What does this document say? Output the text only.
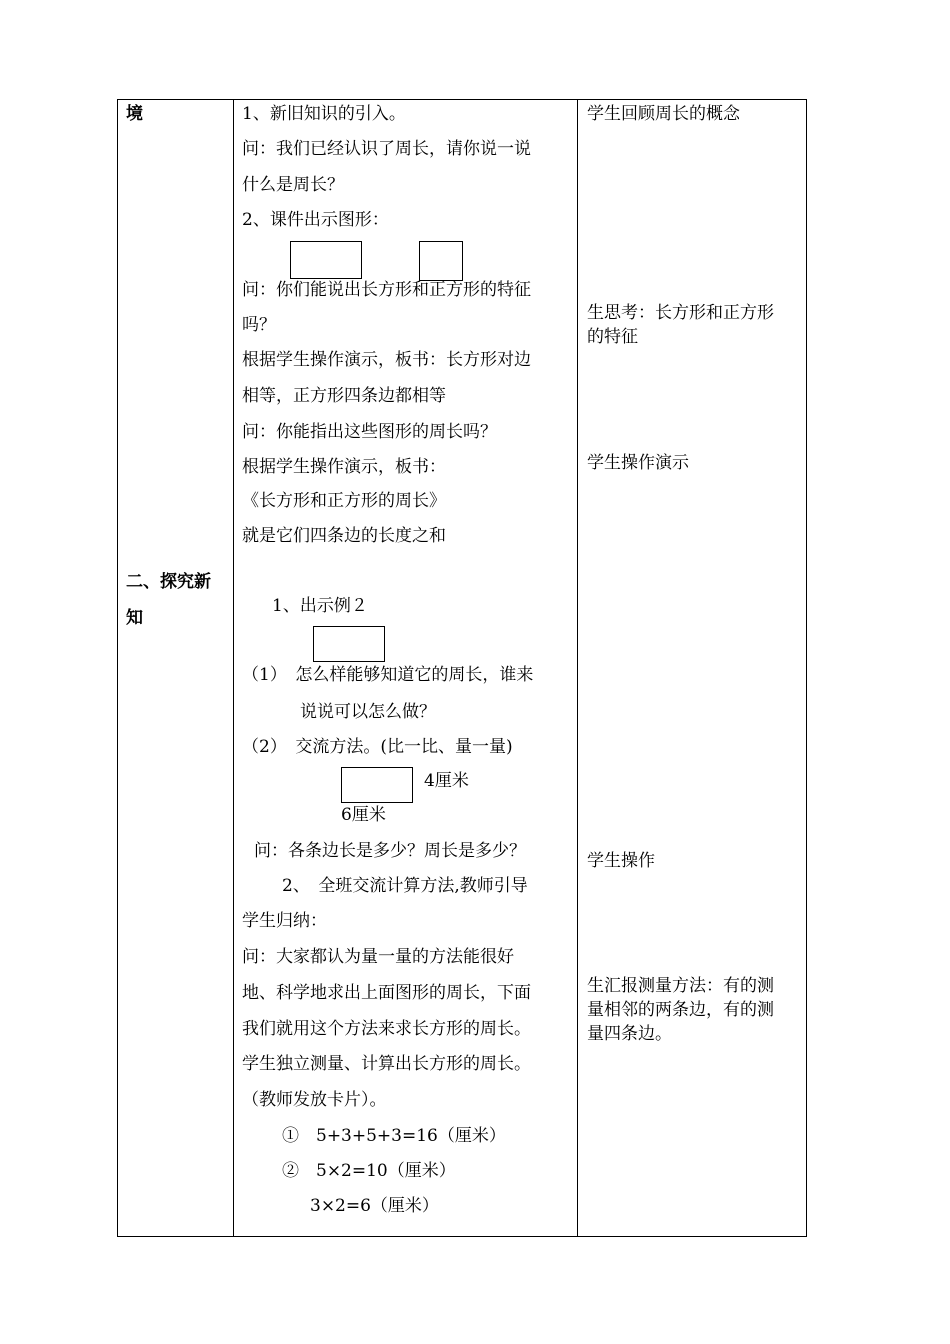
境
二、探究新
知
1、新旧知识的引入。
问：我们已经认识了周长，请你说一说
什么是周长？
2、课件出示图形：
问：你们能说出长方形和正方形的特征
吗？
根据学生操作演示，板书：长方形对边
相等，正方形四条边都相等
问：你能指出这些图形的周长吗？
根据学生操作演示，板书：
《长方形和正方形的周长》
就是它们四条边的长度之和
1、出示例２
（1）　怎么样能够知道它的周长，谁来
说说可以怎么做？
（2）　交流方法。(比一比、量一量)
4厘米
6厘米
问：各条边长是多少？周长是多少？
2、　全班交流计算方法,教师引导
学生归纳：
问：大家都认为量一量的方法能很好
地、科学地求出上面图形的周长，下面
我们就用这个方法来求长方形的周长。
学生独立测量、计算出长方形的周长。
（教师发放卡片）。
①　5+3+5+3=16（厘米）
②　5×2=10（厘米）
3×2=6（厘米）
学生回顾周长的概念
生思考：长方形和正方形
的特征
学生操作演示
学生操作
生汇报测量方法：有的测
量相邻的两条边，有的测
量四条边。
